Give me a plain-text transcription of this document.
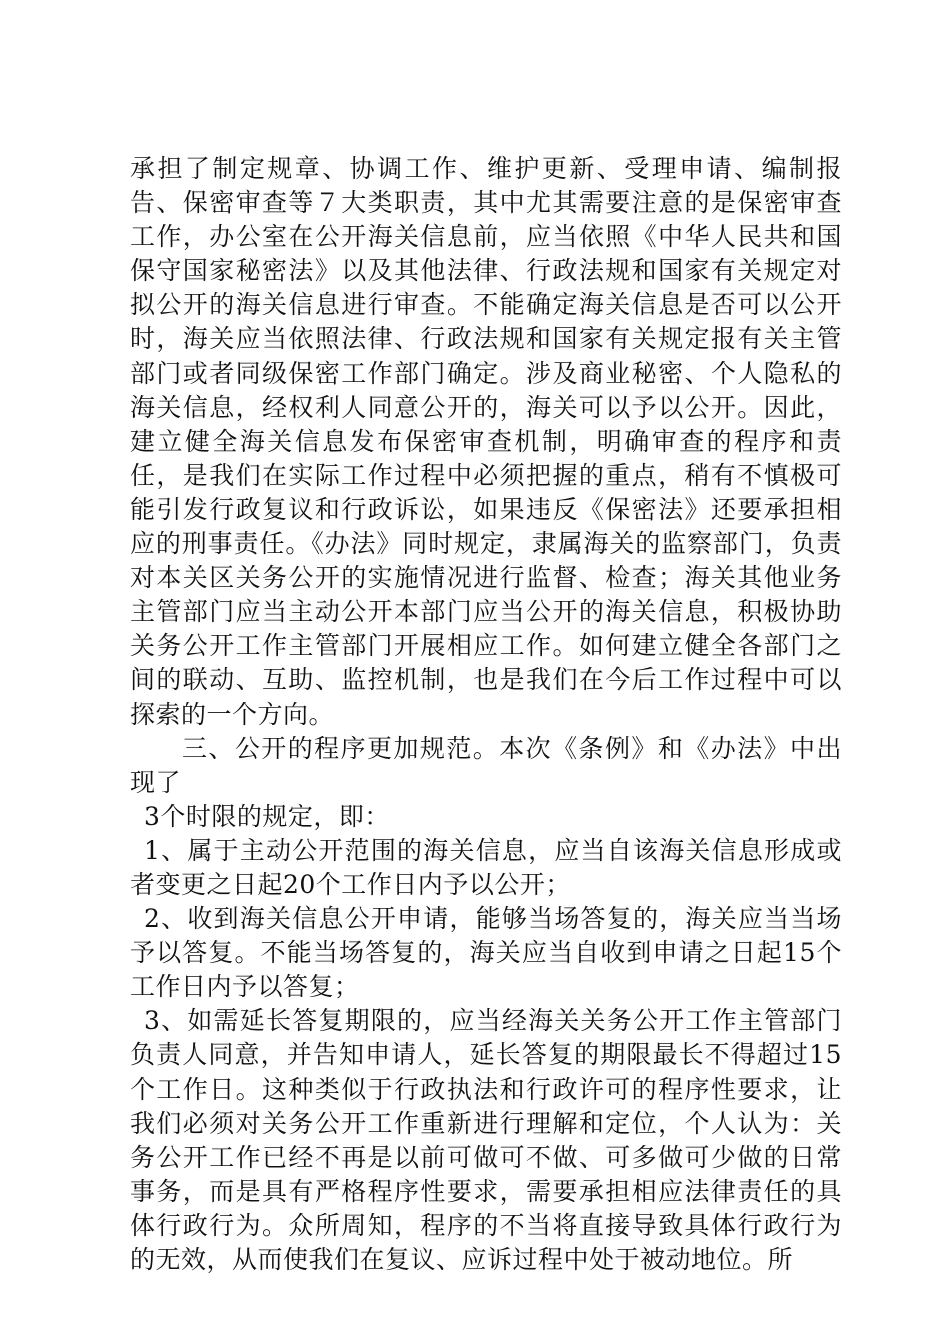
承担了制定规章、协调工作、维护更新、受理申请、编制报告、保密审查等７大类职责，其中尤其需要注意的是保密审查工作，办公室在公开海关信息前，应当依照《中华人民共和国保守国家秘密法》以及其他法律、行政法规和国家有关规定对拟公开的海关信息进行审查。不能确定海关信息是否可以公开时，海关应当依照法律、行政法规和国家有关规定报有关主管部门或者同级保密工作部门确定。涉及商业秘密、个人隐私的海关信息，经权利人同意公开的，海关可以予以公开。因此，建立健全海关信息发布保密审查机制，明确审查的程序和责任，是我们在实际工作过程中必须把握的重点，稍有不慎极可能引发行政复议和行政诉讼，如果违反《保密法》还要承担相应的刑事责任。《办法》同时规定，隶属海关的监察部门，负责对本关区关务公开的实施情况进行监督、检查；海关其他业务主管部门应当主动公开本部门应当公开的海关信息，积极协助关务公开工作主管部门开展相应工作。如何建立健全各部门之间的联动、互助、监控机制，也是我们在今后工作过程中可以探索的一个方向。

三、公开的程序更加规范。本次《条例》和《办法》中出现了

3个时限的规定，即：

1、属于主动公开范围的海关信息，应当自该海关信息形成或者变更之日起20个工作日内予以公开；

2、收到海关信息公开申请，能够当场答复的，海关应当当场予以答复。不能当场答复的，海关应当自收到申请之日起15个工作日内予以答复；

3、如需延长答复期限的，应当经海关关务公开工作主管部门负责人同意，并告知申请人，延长答复的期限最长不得超过15个工作日。这种类似于行政执法和行政许可的程序性要求，让我们必须对关务公开工作重新进行理解和定位，个人认为：关务公开工作已经不再是以前可做可不做、可多做可少做的日常事务，而是具有严格程序性要求，需要承担相应法律责任的具体行政行为。众所周知，程序的不当将直接导致具体行政行为的无效，从而使我们在复议、应诉过程中处于被动地位。所
